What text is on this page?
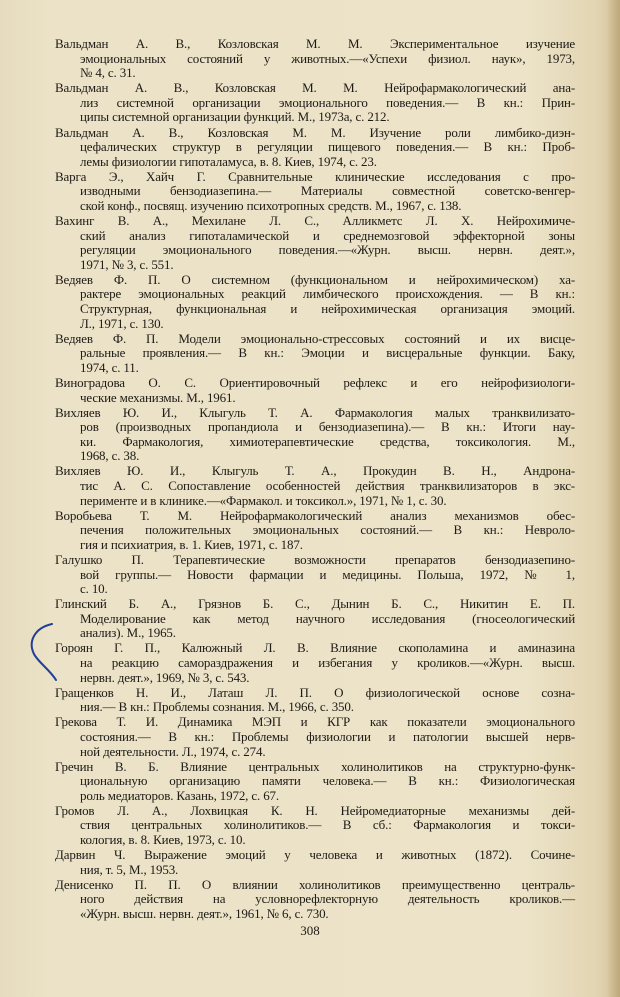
Вальдман А. В., Козловская М. М. Экспериментальное изучение
эмоциональных состояний у животных.—«Успехи физиол. наук», 1973,
№ 4, с. 31.
Вальдман А. В., Козловская М. М. Нейрофармакологический ана-
лиз системной организации эмоционального поведения.— В кн.: Прин-
ципы системной организации функций. М., 1973а, с. 212.
Вальдман А. В., Козловская М. М. Изучение роли лимбико-диэн-
цефалических структур в регуляции пищевого поведения.— В кн.: Проб-
лемы физиологии гипоталамуса, в. 8. Киев, 1974, с. 23.
Варга Э., Хайч Г. Сравнительные клинические исследования с про-
изводными бензодиазепина.— Материалы совместной советско-венгер-
ской конф., посвящ. изучению психотропных средств. М., 1967, с. 138.
Вахинг В. А., Мехилане Л. С., Алликметс Л. Х. Нейрохимиче-
ский анализ гипоталамической и среднемозговой эффекторной зоны
регуляции эмоционального поведения.—«Журн. высш. нервн. деят.»,
1971, № 3, с. 551.
Ведяев Ф. П. О системном (функциональном и нейрохимическом) ха-
рактере эмоциональных реакций лимбического происхождения. — В кн.:
Структурная, функциональная и нейрохимическая организация эмоций.
Л., 1971, с. 130.
Ведяев Ф. П. Модели эмоционально-стрессовых состояний и их висце-
ральные проявления.— В кн.: Эмоции и висцеральные функции. Баку,
1974, с. 11.
Виноградова О. С. Ориентировочный рефлекс и его нейрофизиологи-
ческие механизмы. М., 1961.
Вихляев Ю. И., Клыгуль Т. А. Фармакология малых транквилизато-
ров (производных пропандиола и бензодиазепина).— В кн.: Итоги нау-
ки. Фармакология, химиотерапевтические средства, токсикология. М.,
1968, с. 38.
Вихляев Ю. И., Клыгуль Т. А., Прокудин В. Н., Андрона-
тис А. С. Сопоставление особенностей действия транквилизаторов в экс-
перименте и в клинике.—«Фармакол. и токсикол.», 1971, № 1, с. 30.
Воробьева Т. М. Нейрофармакологический анализ механизмов обес-
печения положительных эмоциональных состояний.— В кн.: Невроло-
гия и психиатрия, в. 1. Киев, 1971, с. 187.
Галушко П. Терапевтические возможности препаратов бензодиазепино-
вой группы.— Новости фармации и медицины. Польша, 1972, № 1,
с. 10.
Глинский Б. А., Грязнов Б. С., Дынин Б. С., Никитин Е. П.
Моделирование как метод научного исследования (гносеологический
анализ). М., 1965.
Гороян Г. П., Калюжный Л. В. Влияние скополамина и аминазина
на реакцию самораздражения и избегания у кроликов.—«Журн. высш.
нервн. деят.», 1969, № 3, с. 543.
Гращенков Н. И., Латаш Л. П. О физиологической основе созна-
ния.— В кн.: Проблемы сознания. М., 1966, с. 350.
Грекова Т. И. Динамика МЭП и КГР как показатели эмоционального
состояния.— В кн.: Проблемы физиологии и патологии высшей нерв-
ной деятельности. Л., 1974, с. 274.
Гречин В. Б. Влияние центральных холинолитиков на структурно-функ-
циональную организацию памяти человека.— В кн.: Физиологическая
роль медиаторов. Казань, 1972, с. 67.
Громов Л. А., Лохвицкая К. Н. Нейромедиаторные механизмы дей-
ствия центральных холинолитиков.— В сб.: Фармакология и токси-
кология, в. 8. Киев, 1973, с. 10.
Дарвин Ч. Выражение эмоций у человека и животных (1872). Сочине-
ния, т. 5, М., 1953.
Денисенко П. П. О влиянии холинолитиков преимущественно централь-
ного действия на условнорефлекторную деятельность кроликов.—
«Журн. высш. нервн. деят.», 1961, № 6, с. 730.
308
